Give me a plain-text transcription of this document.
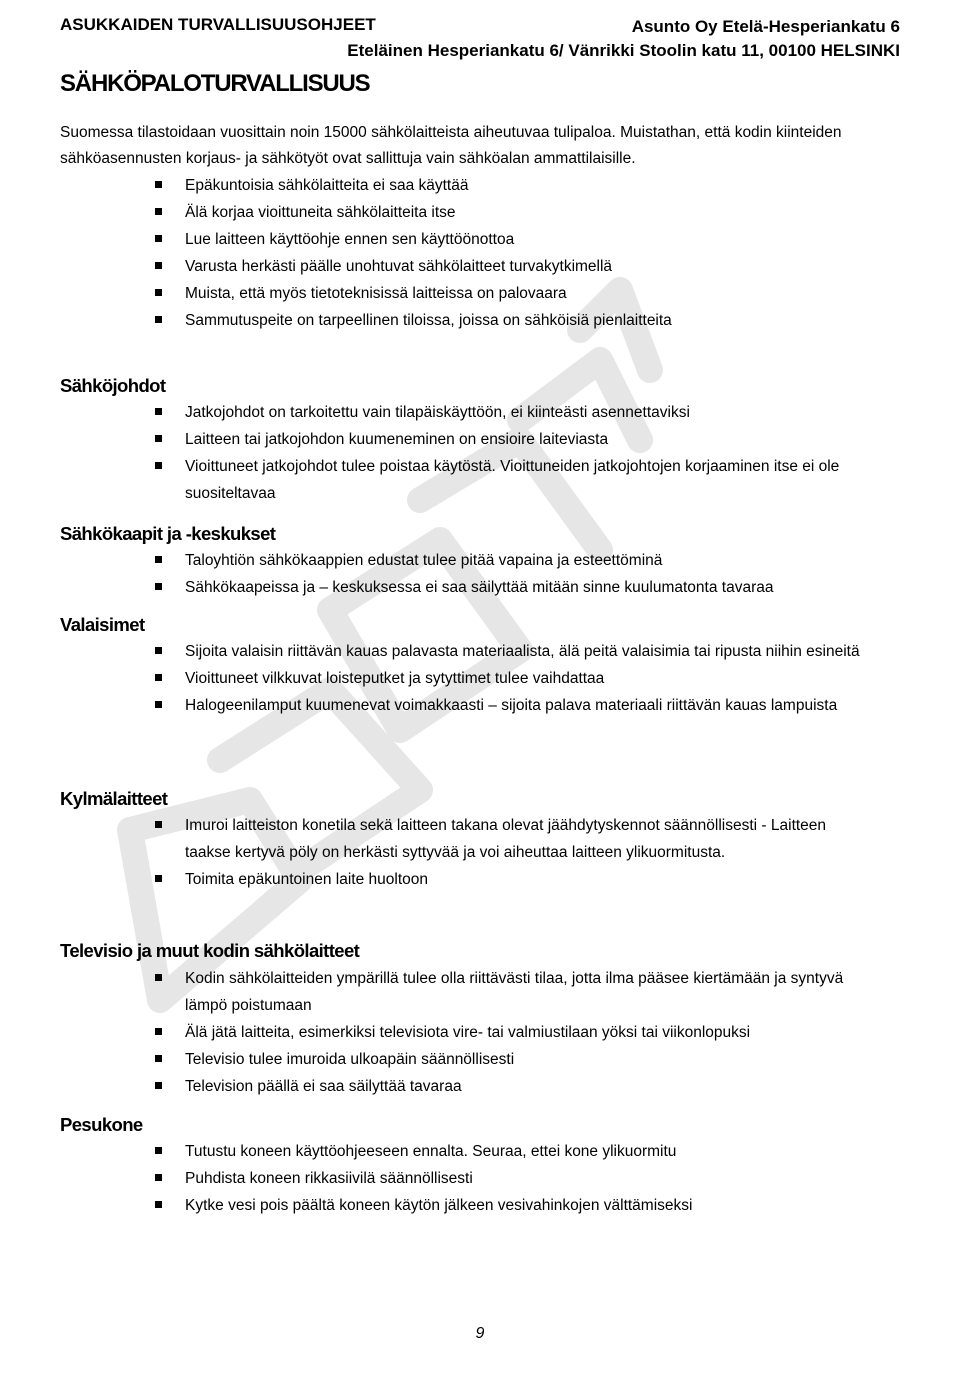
ASUKKAIDEN TURVALLISUUSOHJEET	Asunto Oy Etelä-Hesperiankatu 6
Eteläinen Hesperiankatu 6/ Vänrikki Stoolin katu 11, 00100 HELSINKI
SÄHKÖPALOTURVALLISUUS
Suomessa tilastoidaan vuosittain noin 15000 sähkölaitteista aiheutuvaa tulipaloa. Muistathan, että kodin kiinteiden sähköasennusten korjaus- ja sähkötyöt ovat sallittuja vain sähköalan ammattilaisille.
Epäkuntoisia sähkölaitteita ei saa käyttää
Älä korjaa vioittuneita sähkölaitteita itse
Lue laitteen käyttöohje ennen sen käyttöönottoa
Varusta herkästi päälle unohtuvat sähkölaitteet turvakytkimellä
Muista, että myös tietoteknisissä laitteissa on palovaara
Sammutuspeite on tarpeellinen tiloissa, joissa on sähköisiä pienlaitteita
Sähköjohdot
Jatkojohdot on tarkoitettu vain tilapäiskäyttöön, ei kiinteästi asennettaviksi
Laitteen tai jatkojohdon kuumeneminen on ensioire laiteviasta
Vioittuneet jatkojohdot tulee poistaa käytöstä. Vioittuneiden jatkojohtojen korjaaminen itse ei ole suositeltavaa
Sähkökaapit ja -keskukset
Taloyhtiön sähkökaappien edustat tulee pitää vapaina ja esteettöminä
Sähkökaapeissa ja – keskuksessa ei saa säilyttää mitään sinne kuulumatonta tavaraa
Valaisimet
Sijoita valaisin riittävän kauas palavasta materiaalista, älä peitä valaisimia tai ripusta niihin esineitä
Vioittuneet vilkkuvat loisteputket ja sytyttimet tulee vaihdattaa
Halogeenilamput kuumenevat voimakkaasti – sijoita palava materiaali riittävän kauas lampuista
Kylmälaitteet
Imuroi laitteiston konetila sekä laitteen takana olevat jäähdytyskennot säännöllisesti - Laitteen taakse kertyvä pöly on herkästi syttyvää ja voi aiheuttaa laitteen ylikuormitusta.
Toimita epäkuntoinen laite huoltoon
Televisio ja muut kodin sähkölaitteet
Kodin sähkölaitteiden ympärillä tulee olla riittävästi tilaa, jotta ilma pääsee kiertämään ja syntyvä lämpö poistumaan
Älä jätä laitteita, esimerkiksi televisiota vire- tai valmiustilaan yöksi tai viikonlopuksi
Televisio tulee imuroida ulkoapäin säännöllisesti
Television päällä ei saa säilyttää tavaraa
Pesukone
Tutustu koneen käyttöohjeeseen ennalta. Seuraa, ettei kone ylikuormitu
Puhdista koneen rikkasiivilä säännöllisesti
Kytke vesi pois päältä koneen käytön jälkeen vesivahinkojen välttämiseksi
9
